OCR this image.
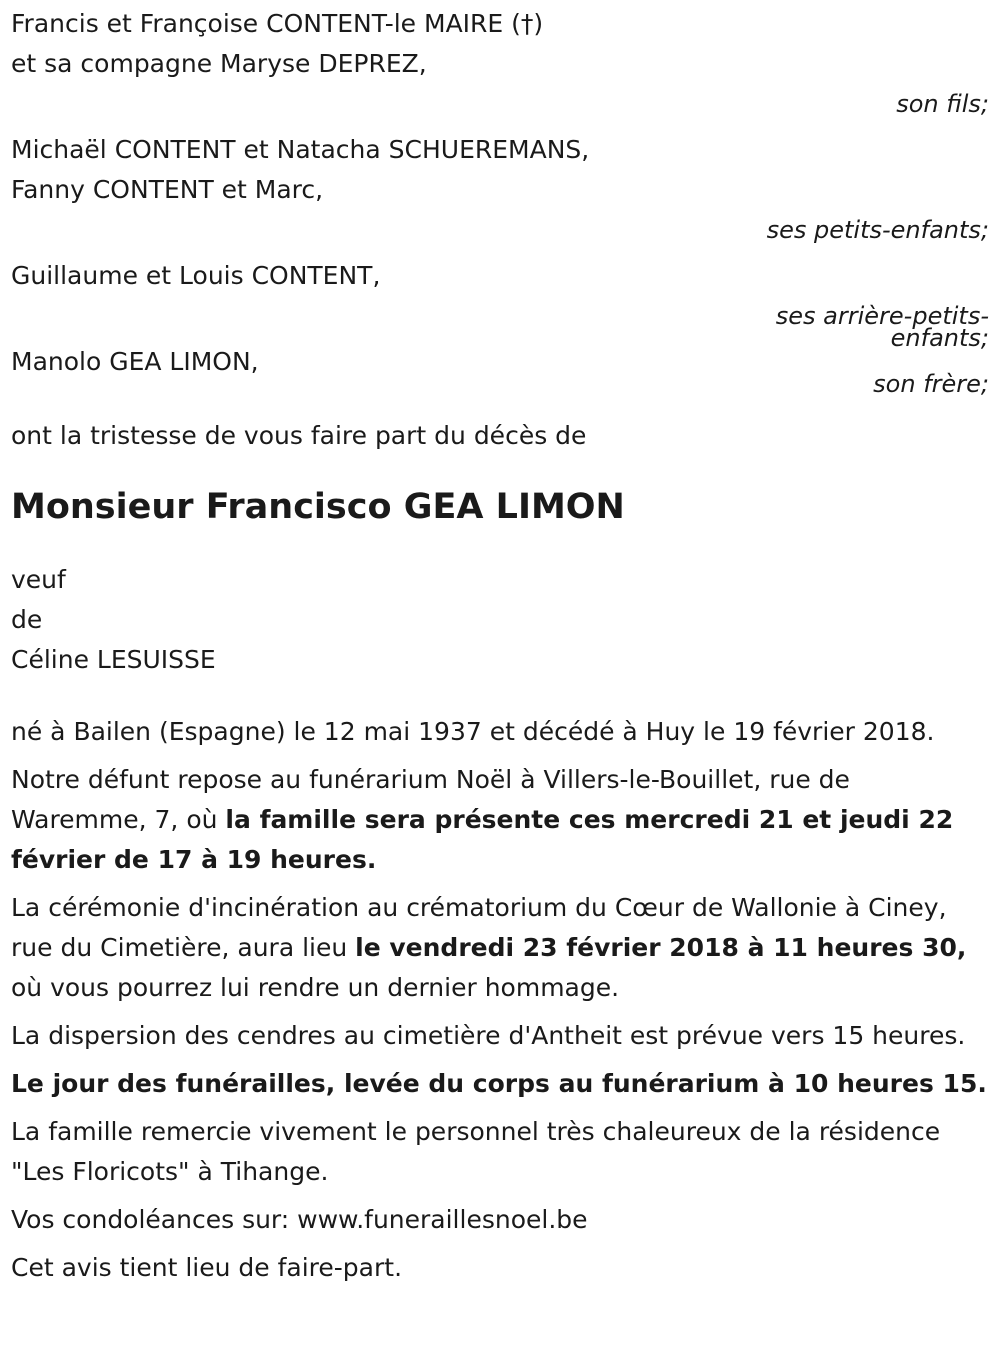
Francis et Françoise CONTENT-le MAIRE (†)
et sa compagne Maryse DEPREZ,
son fils;
Michaël CONTENT et Natacha SCHUEREMANS,
Fanny CONTENT et Marc,
ses petits-enfants;
Guillaume et Louis CONTENT,
ses arrière-petits-
enfants;
Manolo GEA LIMON,
son frère;
ont la tristesse de vous faire part du décès de
Monsieur Francisco GEA LIMON
veuf
de
Céline LESUISSE
né à Bailen (Espagne) le 12 mai 1937 et décédé à Huy le 19 février 2018.
Notre défunt repose au funérarium Noël à Villers-le-Bouillet, rue de Waremme, 7, où la famille sera présente ces mercredi 21 et jeudi 22 février de 17 à 19 heures.
La cérémonie d'incinération au crématorium du Cœur de Wallonie à Ciney, rue du Cimetière, aura lieu le vendredi 23 février 2018 à 11 heures 30, où vous pourrez lui rendre un dernier hommage.
La dispersion des cendres au cimetière d'Antheit est prévue vers 15 heures.
Le jour des funérailles, levée du corps au funérarium à 10 heures 15.
La famille remercie vivement le personnel très chaleureux de la résidence "Les Floricots" à Tihange.
Vos condoléances sur: www.funeraillesnoel.be
Cet avis tient lieu de faire-part.
